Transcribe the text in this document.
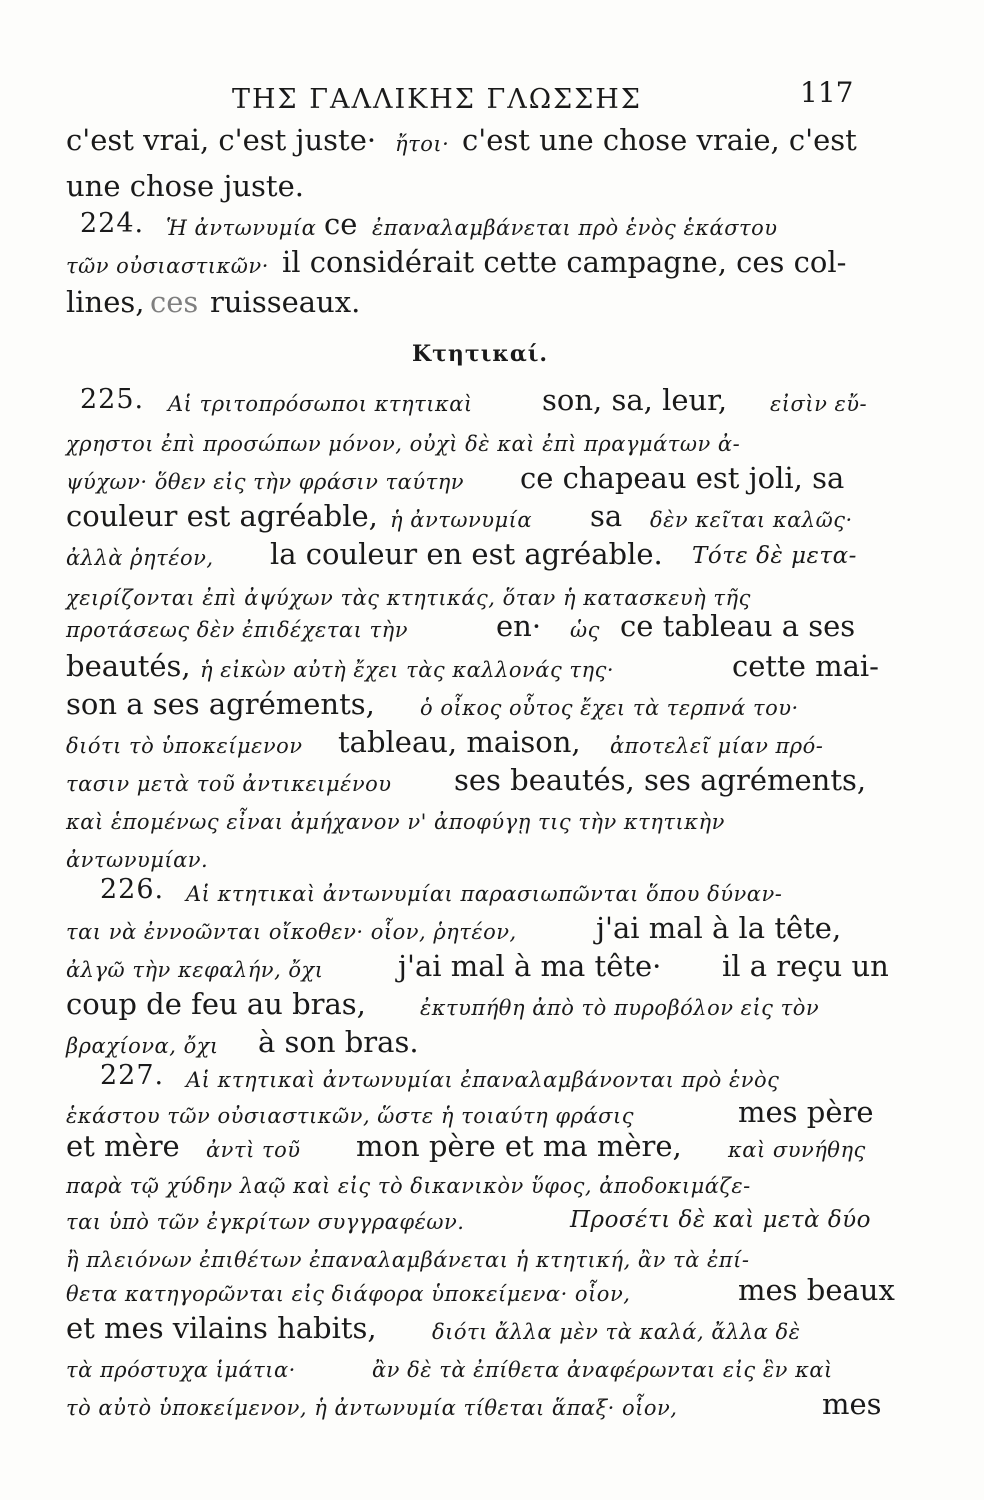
ΤΗΣ ΓΑΛΛΙΚΗΣ ΓΛΩΣΣΗΣ	117
c'est vrai, c'est juste· ἤτοι· c'est une chose vraie, c'est
une chose juste.
224. Ἡ ἀντωνυμία ce ἐπαναλαμβάνεται πρὸ ἑνὸς ἑκάστου
τῶν οὐσιαστικῶν· il considérait cette campagne, ces col-
lines, ces ruisseaux.
Κτητικαί.
225. Αἱ τριτοπρόσωποι κτητικαὶ son, sa, leur, εἰσὶν εὔ-
χρηστοι ἐπὶ προσώπων μόνον, οὐχὶ δὲ καὶ ἐπὶ πραγμάτων ἀ-
ψύχων· ὅθεν εἰς τὴν φράσιν ταύτην ce chapeau est joli, sa
couleur est agréable, ἡ ἀντωνυμία sa δὲν κεῖται καλῶς·
ἀλλὰ ῥητέον, la couleur en est agréable. Τότε δὲ μετα-
χειρίζονται ἐπὶ ἀψύχων τὰς κτητικάς, ὅταν ἡ κατασκευὴ τῆς
προτάσεως δὲν ἐπιδέχεται τὴν	en· ὡς ce tableau a ses
beautés, ἡ εἰκὼν αὐτὴ ἔχει τὰς καλλονάς της·	cette mai-
son a ses agréments, ὁ οἶκος οὗτος ἔχει τὰ τερπνά του·
διότι τὸ ὑποκείμενον tableau, maison, ἀποτελεῖ μίαν πρό-
τασιν μετὰ τοῦ ἀντικειμένου ses beautés, ses agréments,
καὶ ἑπομένως εἶναι ἀμήχανον ν' ἀποφύγῃ τις τὴν κτητικὴν
ἀντωνυμίαν.
226. Αἱ κτητικαὶ ἀντωνυμίαι παρασιωπῶνται ὅπου δύναν-
ται νὰ ἐννοῶνται οἴκοθεν· οἷον, ῥητέον,	j'ai mal à la tête,
ἀλγῶ τὴν κεφαλήν, ὄχι	j'ai mal à ma tête· il a reçu un
coup de feu au bras,	ἐκτυπήθη ἀπὸ τὸ πυροβόλον εἰς τὸν
βραχίονα, ὄχι à son bras.
227. Αἱ κτητικαὶ ἀντωνυμίαι ἐπαναλαμβάνονται πρὸ ἑνὸς
ἑκάστου τῶν οὐσιαστικῶν, ὥστε ἡ τοιαύτη φράσις	mes père
et mère ἀντὶ τοῦ mon père et ma mère, καὶ συνήθης
παρὰ τῷ χύδην λαῷ καὶ εἰς τὸ δικανικὸν ὕφος, ἀποδοκιμάζε-
ται ὑπὸ τῶν ἐγκρίτων συγγραφέων.	Προσέτι δὲ καὶ μετὰ δύο
ἢ πλειόνων ἐπιθέτων ἐπαναλαμβάνεται ἡ κτητική, ἂν τὰ ἐπί-
θετα κατηγορῶνται εἰς διάφορα ὑποκείμενα· οἷον,	mes beaux
et mes vilains habits,	διότι ἄλλα μὲν τὰ καλά, ἄλλα δὲ
τὰ πρόστυχα ἱμάτια·	ἂν δὲ τὰ ἐπίθετα ἀναφέρωνται εἰς ἓν καὶ
τὸ αὐτὸ ὑποκείμενον, ἡ ἀντωνυμία τίθεται ἅπαξ· οἷον,	mes
